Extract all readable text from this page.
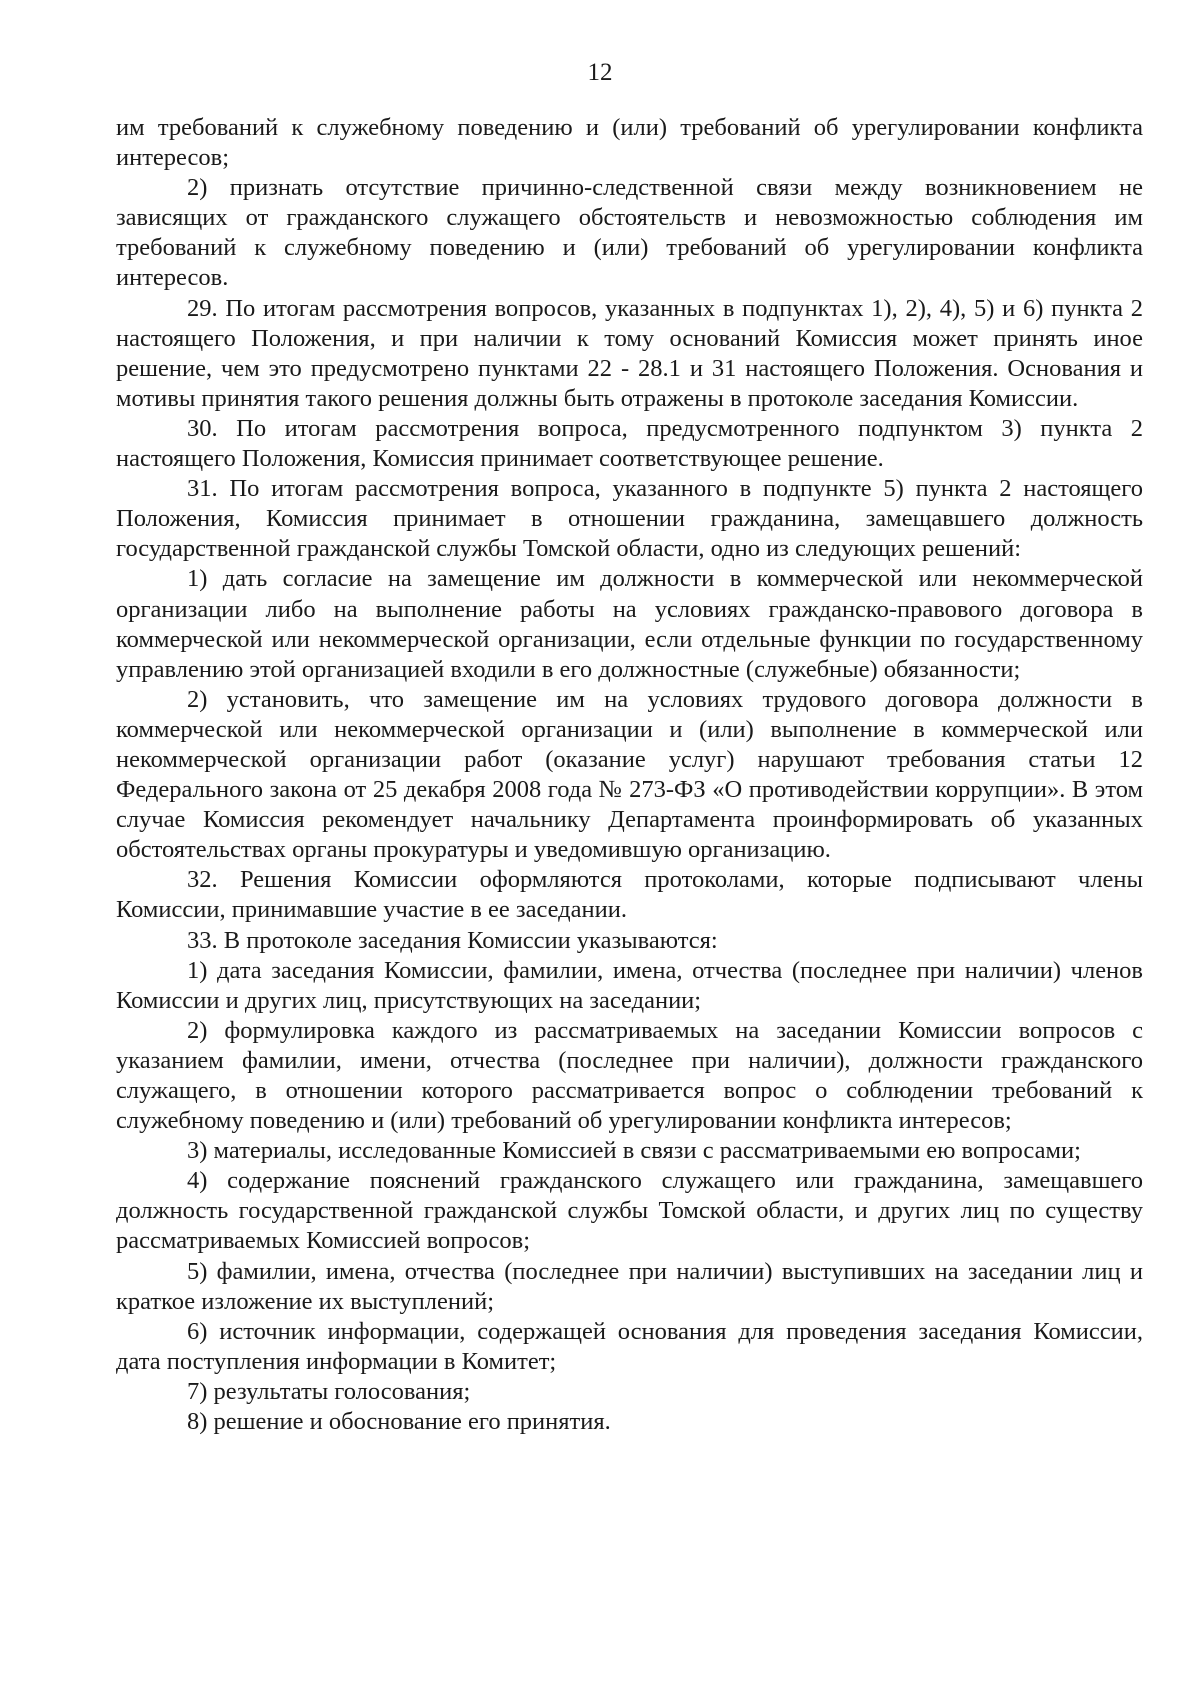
12

им требований к служебному поведению и (или) требований об урегулировании конфликта интересов;

2) признать отсутствие причинно-следственной связи между возникновением не зависящих от гражданского служащего обстоятельств и невозможностью соблюдения им требований к служебному поведению и (или) требований об урегулировании конфликта интересов.

29. По итогам рассмотрения вопросов, указанных в подпунктах 1), 2), 4), 5) и 6) пункта 2 настоящего Положения, и при наличии к тому оснований Комиссия может принять иное решение, чем это предусмотрено пунктами 22 - 28.1 и 31 настоящего Положения. Основания и мотивы принятия такого решения должны быть отражены в протоколе заседания Комиссии.

30. По итогам рассмотрения вопроса, предусмотренного подпунктом 3) пункта 2 настоящего Положения, Комиссия принимает соответствующее решение.

31. По итогам рассмотрения вопроса, указанного в подпункте 5) пункта 2 настоящего Положения, Комиссия принимает в отношении гражданина, замещавшего должность государственной гражданской службы Томской области, одно из следующих решений:

1) дать согласие на замещение им должности в коммерческой или некоммерческой организации либо на выполнение работы на условиях гражданско-правового договора в коммерческой или некоммерческой организации, если отдельные функции по государственному управлению этой организацией входили в его должностные (служебные) обязанности;

2) установить, что замещение им на условиях трудового договора должности в коммерческой или некоммерческой организации и (или) выполнение в коммерческой или некоммерческой организации работ (оказание услуг) нарушают требования статьи 12 Федерального закона от 25 декабря 2008 года № 273-ФЗ «О противодействии коррупции». В этом случае Комиссия рекомендует начальнику Департамента проинформировать об указанных обстоятельствах органы прокуратуры и уведомившую организацию.

32. Решения Комиссии оформляются протоколами, которые подписывают члены Комиссии, принимавшие участие в ее заседании.

33. В протоколе заседания Комиссии указываются:

1) дата заседания Комиссии, фамилии, имена, отчества (последнее при наличии) членов Комиссии и других лиц, присутствующих на заседании;

2) формулировка каждого из рассматриваемых на заседании Комиссии вопросов с указанием фамилии, имени, отчества (последнее при наличии), должности гражданского служащего, в отношении которого рассматривается вопрос о соблюдении требований к служебному поведению и (или) требований об урегулировании конфликта интересов;

3) материалы, исследованные Комиссией в связи с рассматриваемыми ею вопросами;

4) содержание пояснений гражданского служащего или гражданина, замещавшего должность государственной гражданской службы Томской области, и других лиц по существу рассматриваемых Комиссией вопросов;

5) фамилии, имена, отчества (последнее при наличии) выступивших на заседании лиц и краткое изложение их выступлений;

6) источник информации, содержащей основания для проведения заседания Комиссии, дата поступления информации в Комитет;

7) результаты голосования;

8) решение и обоснование его принятия.
